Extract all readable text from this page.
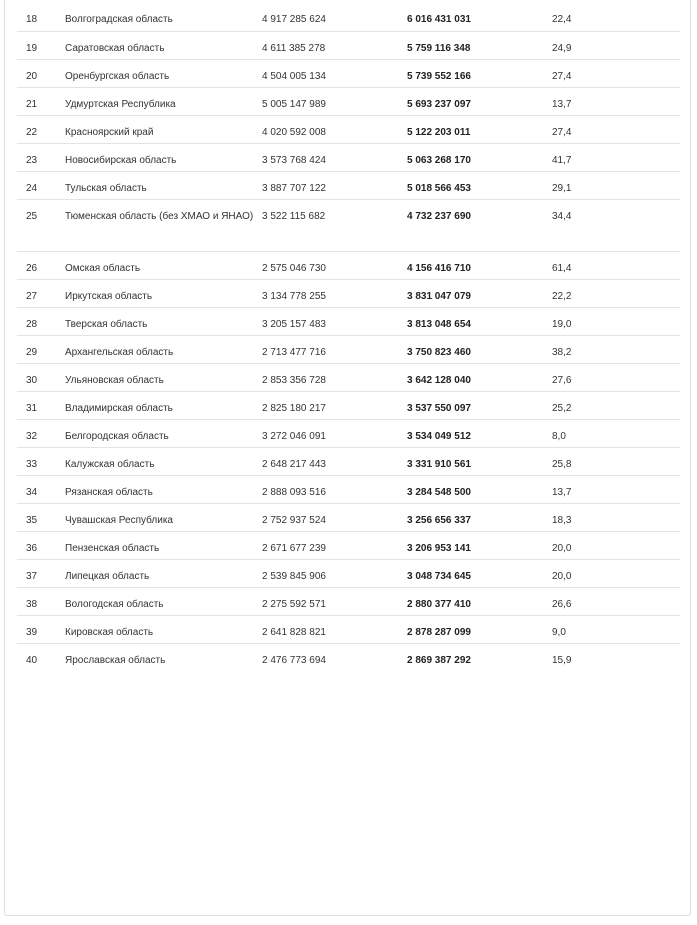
18	Волгоградская область	4 917 285 624	6 016 431 031	22,4
19	Саратовская область	4 611 385 278	5 759 116 348	24,9
20	Оренбургская область	4 504 005 134	5 739 552 166	27,4
21	Удмуртская Республика	5 005 147 989	5 693 237 097	13,7
22	Красноярский край	4 020 592 008	5 122 203 011	27,4
23	Новосибирская область	3 573 768 424	5 063 268 170	41,7
24	Тульская область	3 887 707 122	5 018 566 453	29,1
25	Тюменская область (без ХМАО и ЯНАО)	3 522 115 682	4 732 237 690	34,4
26	Омская область	2 575 046 730	4 156 416 710	61,4
27	Иркутская область	3 134 778 255	3 831 047 079	22,2
28	Тверская область	3 205 157 483	3 813 048 654	19,0
29	Архангельская область	2 713 477 716	3 750 823 460	38,2
30	Ульяновская область	2 853 356 728	3 642 128 040	27,6
31	Владимирская область	2 825 180 217	3 537 550 097	25,2
32	Белгородская область	3 272 046 091	3 534 049 512	8,0
33	Калужская область	2 648 217 443	3 331 910 561	25,8
34	Рязанская область	2 888 093 516	3 284 548 500	13,7
35	Чувашская Республика	2 752 937 524	3 256 656 337	18,3
36	Пензенская область	2 671 677 239	3 206 953 141	20,0
37	Липецкая область	2 539 845 906	3 048 734 645	20,0
38	Вологодская область	2 275 592 571	2 880 377 410	26,6
39	Кировская область	2 641 828 821	2 878 287 099	9,0
40	Ярославская область	2 476 773 694	2 869 387 292	15,9
